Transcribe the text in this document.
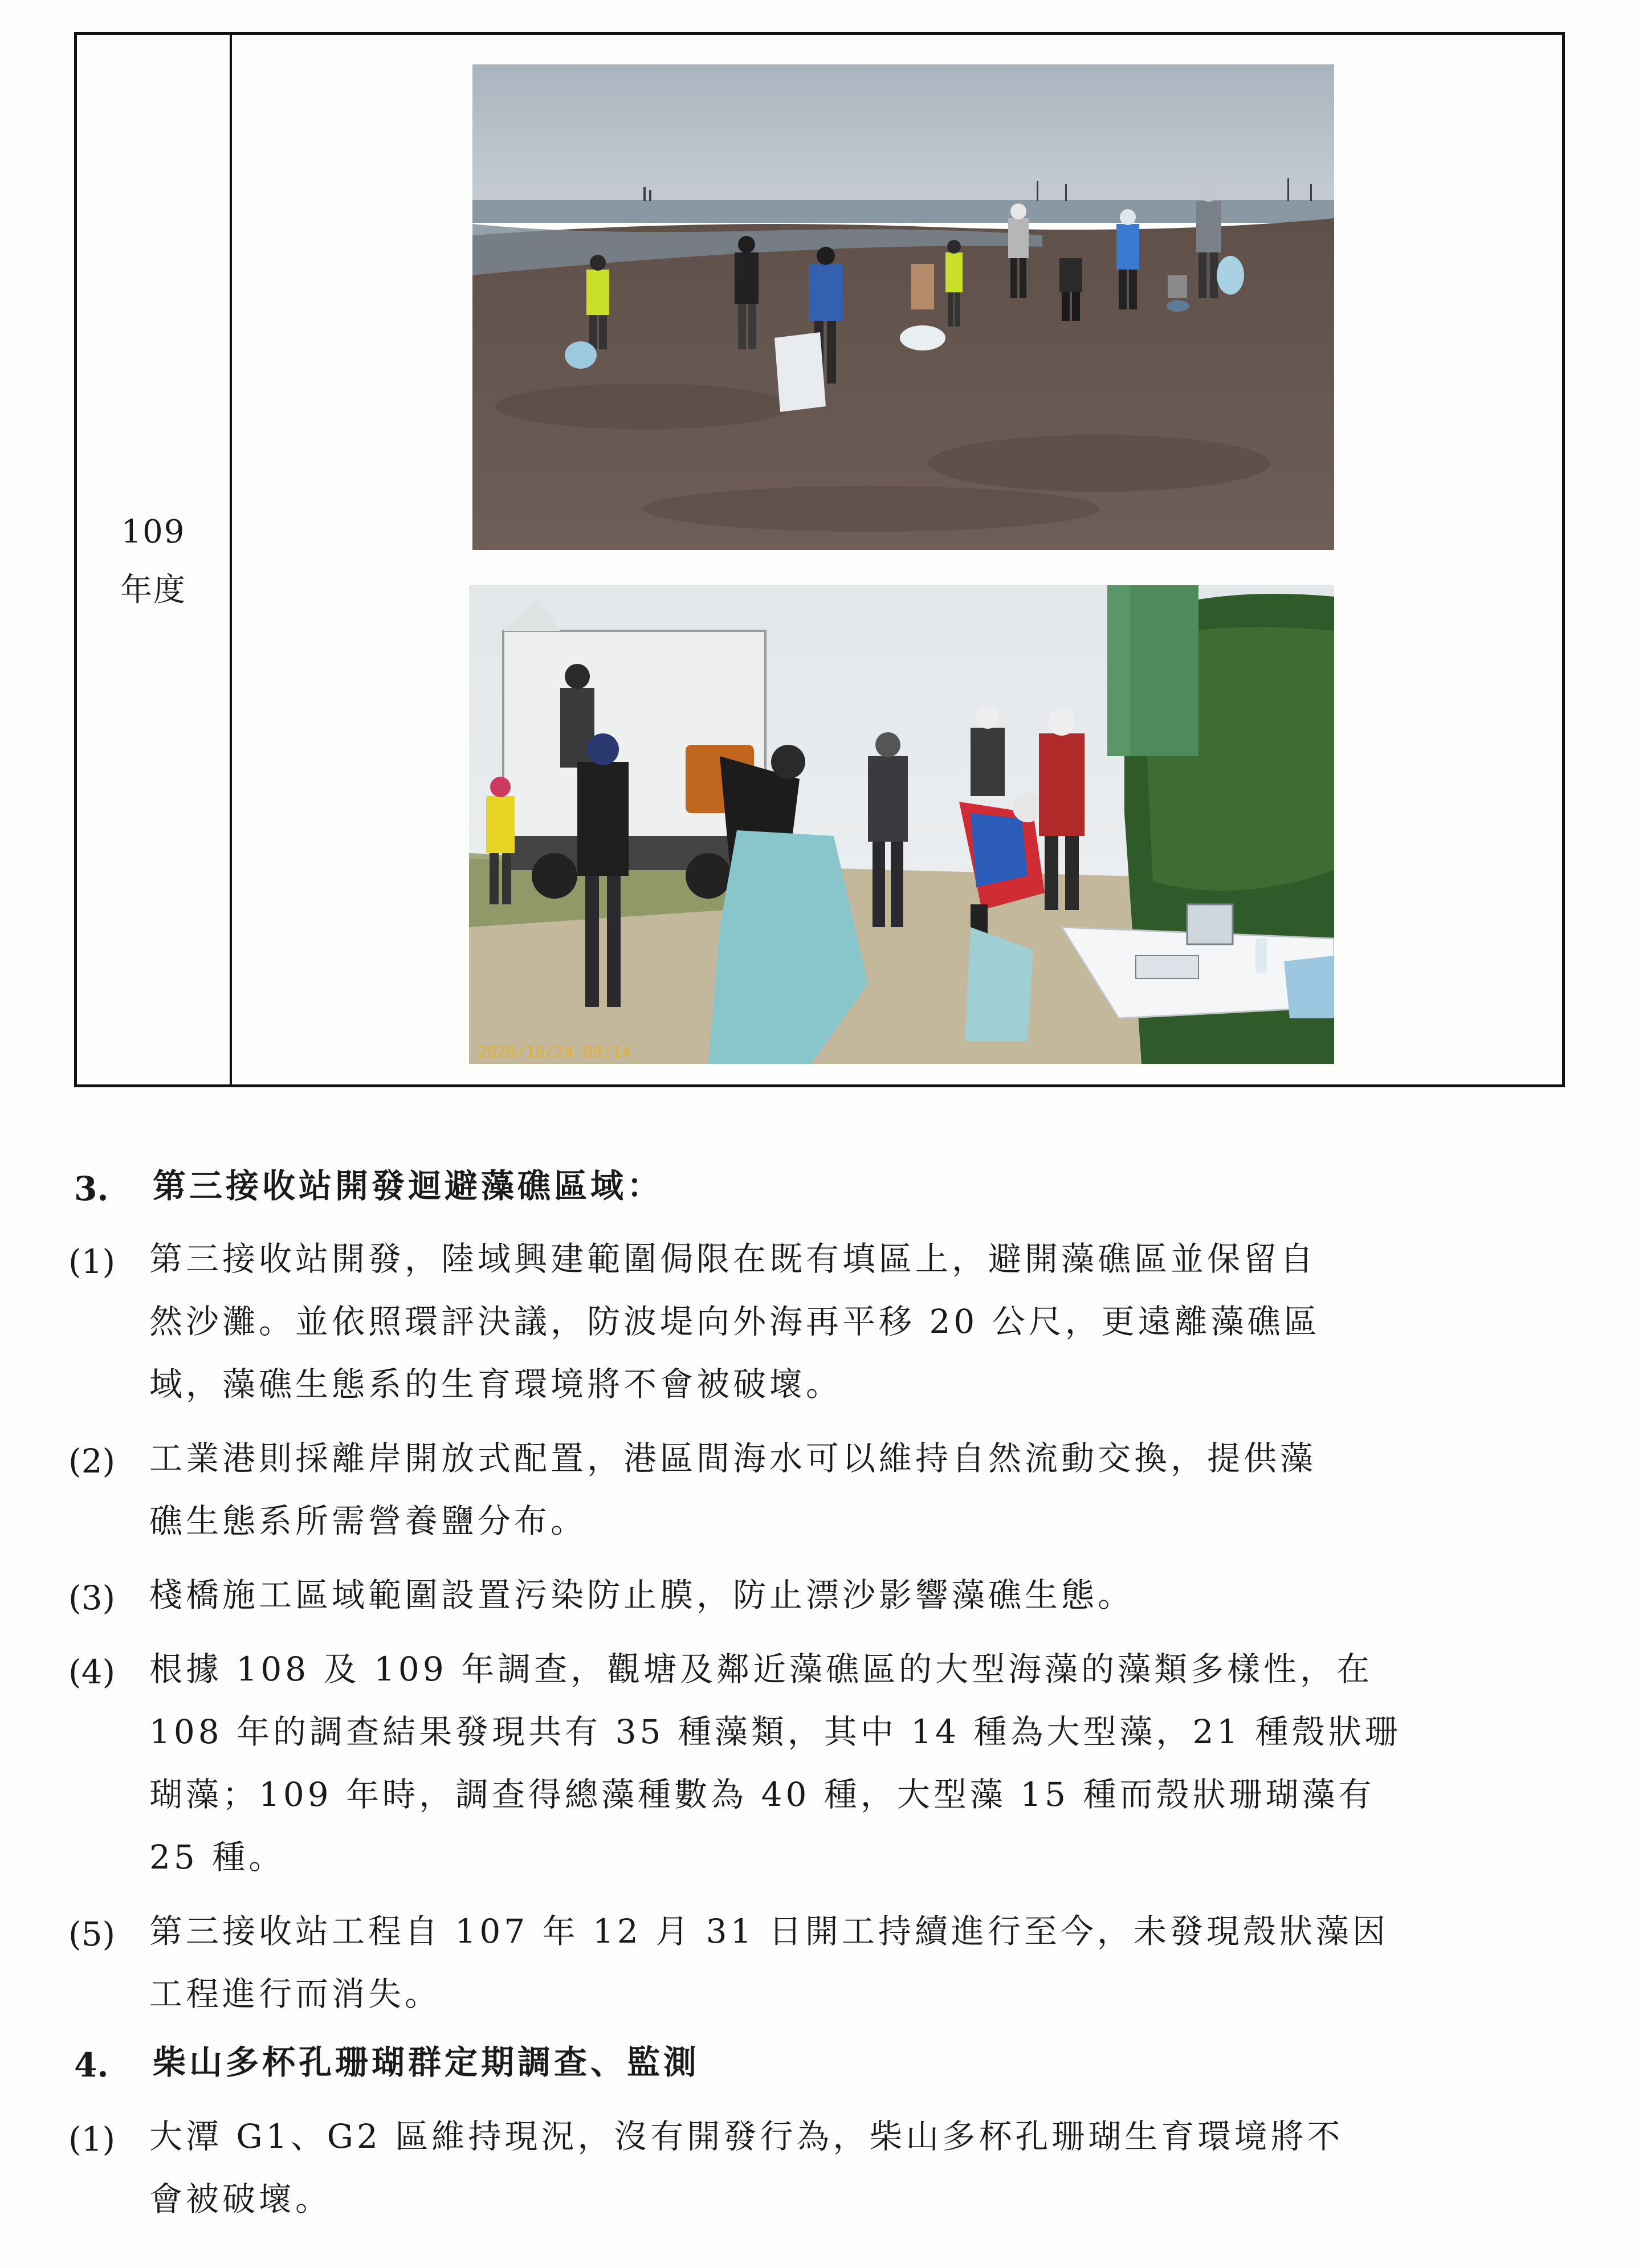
109
年度
2020/10/24 09:14
3. 第三接收站開發迴避藻礁區域：
(1) 第三接收站開發，陸域興建範圍侷限在既有填區上，避開藻礁區並保留自
然沙灘。並依照環評決議，防波堤向外海再平移 20 公尺，更遠離藻礁區
域，藻礁生態系的生育環境將不會被破壞。
(2) 工業港則採離岸開放式配置，港區間海水可以維持自然流動交換，提供藻
礁生態系所需營養鹽分布。
(3) 棧橋施工區域範圍設置污染防止膜，防止漂沙影響藻礁生態。
(4) 根據 108 及 109 年調查，觀塘及鄰近藻礁區的大型海藻的藻類多樣性，在
108 年的調查結果發現共有 35 種藻類，其中 14 種為大型藻，21 種殼狀珊
瑚藻；109 年時，調查得總藻種數為 40 種，大型藻 15 種而殼狀珊瑚藻有
25 種。
(5) 第三接收站工程自 107 年 12 月 31 日開工持續進行至今，未發現殼狀藻因
工程進行而消失。
4. 柴山多杯孔珊瑚群定期調查、監測
(1) 大潭 G1、G2 區維持現況，沒有開發行為，柴山多杯孔珊瑚生育環境將不
會被破壞。
